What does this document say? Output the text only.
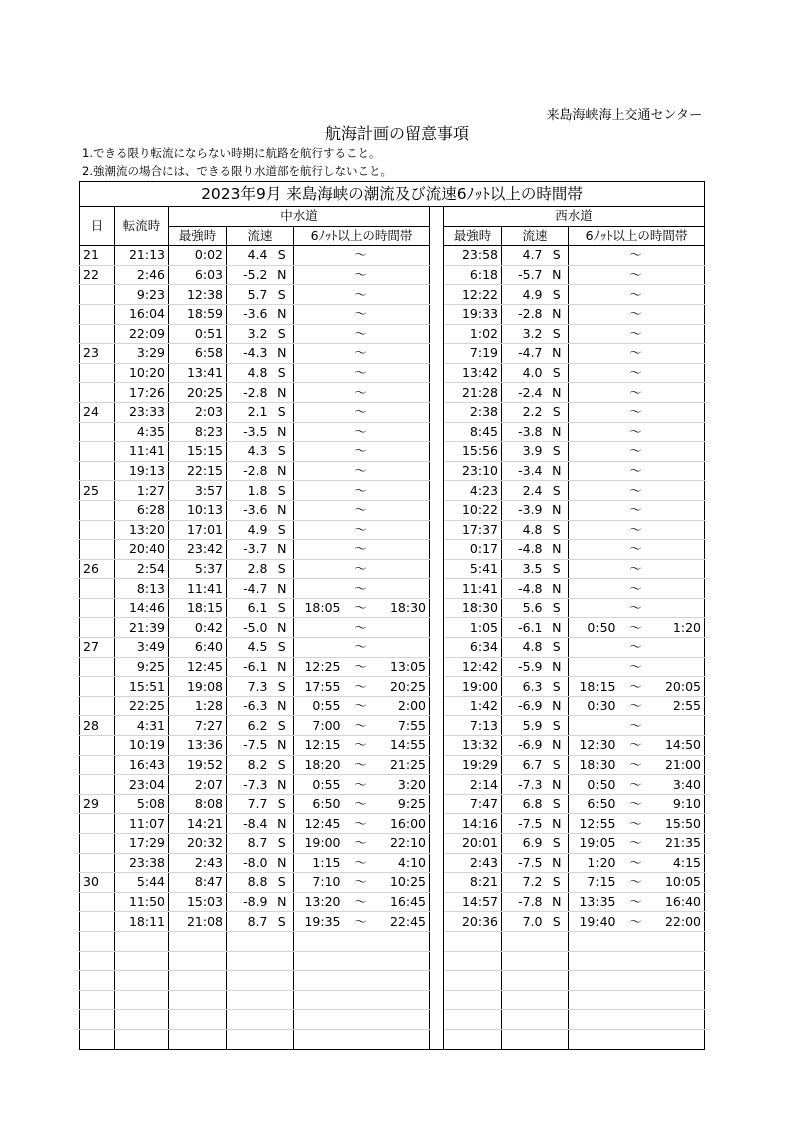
来島海峡海上交通センター
航海計画の留意事項
1.できる限り転流にならない時期に航路を航行すること。
2.強潮流の場合には、できる限り水道部を航行しないこと。
2023年9月 来島海峡の潮流及び流速6ﾉｯﾄ以上の時間帯														
日	転流時	中水道							西水道					
		最強時	流速		6ﾉｯﾄ以上の時間帯				最強時	流速		6ﾉｯﾄ以上の時間帯		
21	21:13	0:02	4.4	S		～			23:58	4.7	S		～	
22	2:46	6:03	-5.2	N		～			6:18	-5.7	N		～	
	9:23	12:38	5.7	S		～			12:22	4.9	S		～	
	16:04	18:59	-3.6	N		～			19:33	-2.8	N		～	
	22:09	0:51	3.2	S		～			1:02	3.2	S		～	
23	3:29	6:58	-4.3	N		～			7:19	-4.7	N		～	
	10:20	13:41	4.8	S		～			13:42	4.0	S		～	
	17:26	20:25	-2.8	N		～			21:28	-2.4	N		～	
24	23:33	2:03	2.1	S		～			2:38	2.2	S		～	
	4:35	8:23	-3.5	N		～			8:45	-3.8	N		～	
	11:41	15:15	4.3	S		～			15:56	3.9	S		～	
	19:13	22:15	-2.8	N		～			23:10	-3.4	N		～	
25	1:27	3:57	1.8	S		～			4:23	2.4	S		～	
	6:28	10:13	-3.6	N		～			10:22	-3.9	N		～	
	13:20	17:01	4.9	S		～			17:37	4.8	S		～	
	20:40	23:42	-3.7	N		～			0:17	-4.8	N		～	
26	2:54	5:37	2.8	S		～			5:41	3.5	S		～	
	8:13	11:41	-4.7	N		～			11:41	-4.8	N		～	
	14:46	18:15	6.1	S	18:05	～	18:30		18:30	5.6	S		～	
	21:39	0:42	-5.0	N		～			1:05	-6.1	N	0:50	～	1:20
27	3:49	6:40	4.5	S		～			6:34	4.8	S		～	
	9:25	12:45	-6.1	N	12:25	～	13:05		12:42	-5.9	N		～	
	15:51	19:08	7.3	S	17:55	～	20:25		19:00	6.3	S	18:15	～	20:05
	22:25	1:28	-6.3	N	0:55	～	2:00		1:42	-6.9	N	0:30	～	2:55
28	4:31	7:27	6.2	S	7:00	～	7:55		7:13	5.9	S		～	
	10:19	13:36	-7.5	N	12:15	～	14:55		13:32	-6.9	N	12:30	～	14:50
	16:43	19:52	8.2	S	18:20	～	21:25		19:29	6.7	S	18:30	～	21:00
	23:04	2:07	-7.3	N	0:55	～	3:20		2:14	-7.3	N	0:50	～	3:40
29	5:08	8:08	7.7	S	6:50	～	9:25		7:47	6.8	S	6:50	～	9:10
	11:07	14:21	-8.4	N	12:45	～	16:00		14:16	-7.5	N	12:55	～	15:50
	17:29	20:32	8.7	S	19:00	～	22:10		20:01	6.9	S	19:05	～	21:35
	23:38	2:43	-8.0	N	1:15	～	4:10		2:43	-7.5	N	1:20	～	4:15
30	5:44	8:47	8.8	S	7:10	～	10:25		8:21	7.2	S	7:15	～	10:05
	11:50	15:03	-8.9	N	13:20	～	16:45		14:57	-7.8	N	13:35	～	16:40
	18:11	21:08	8.7	S	19:35	～	22:45		20:36	7.0	S	19:40	～	22:00
